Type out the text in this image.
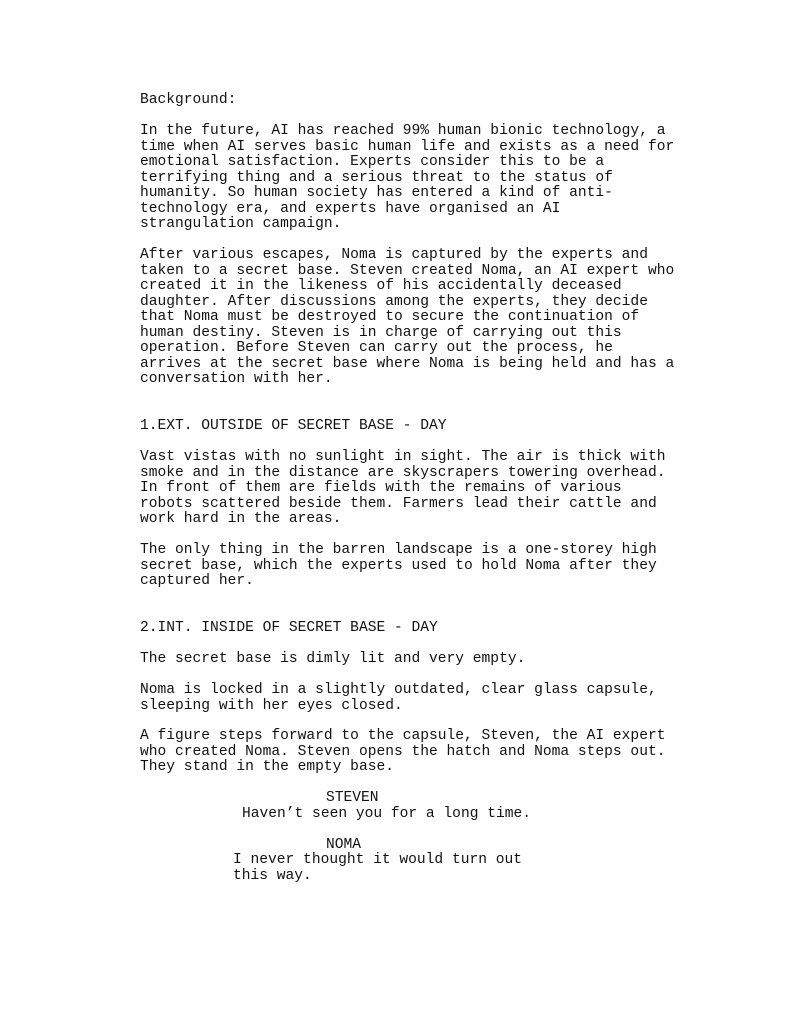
Background:

In the future, AI has reached 99% human bionic technology, a
time when AI serves basic human life and exists as a need for
emotional satisfaction. Experts consider this to be a
terrifying thing and a serious threat to the status of
humanity. So human society has entered a kind of anti-
technology era, and experts have organised an AI
strangulation campaign.

After various escapes, Noma is captured by the experts and
taken to a secret base. Steven created Noma, an AI expert who
created it in the likeness of his accidentally deceased
daughter. After discussions among the experts, they decide
that Noma must be destroyed to secure the continuation of
human destiny. Steven is in charge of carrying out this
operation. Before Steven can carry out the process, he
arrives at the secret base where Noma is being held and has a
conversation with her.

1.EXT. OUTSIDE OF SECRET BASE - DAY

Vast vistas with no sunlight in sight. The air is thick with
smoke and in the distance are skyscrapers towering overhead.
In front of them are fields with the remains of various
robots scattered beside them. Farmers lead their cattle and
work hard in the areas.

The only thing in the barren landscape is a one-storey high
secret base, which the experts used to hold Noma after they
captured her.

2.INT. INSIDE OF SECRET BASE - DAY

The secret base is dimly lit and very empty.

Noma is locked in a slightly outdated, clear glass capsule,
sleeping with her eyes closed.

A figure steps forward to the capsule, Steven, the AI expert
who created Noma. Steven opens the hatch and Noma steps out.
They stand in the empty base.

STEVEN

Haven’t seen you for a long time.

NOMA

I never thought it would turn out
this way.
